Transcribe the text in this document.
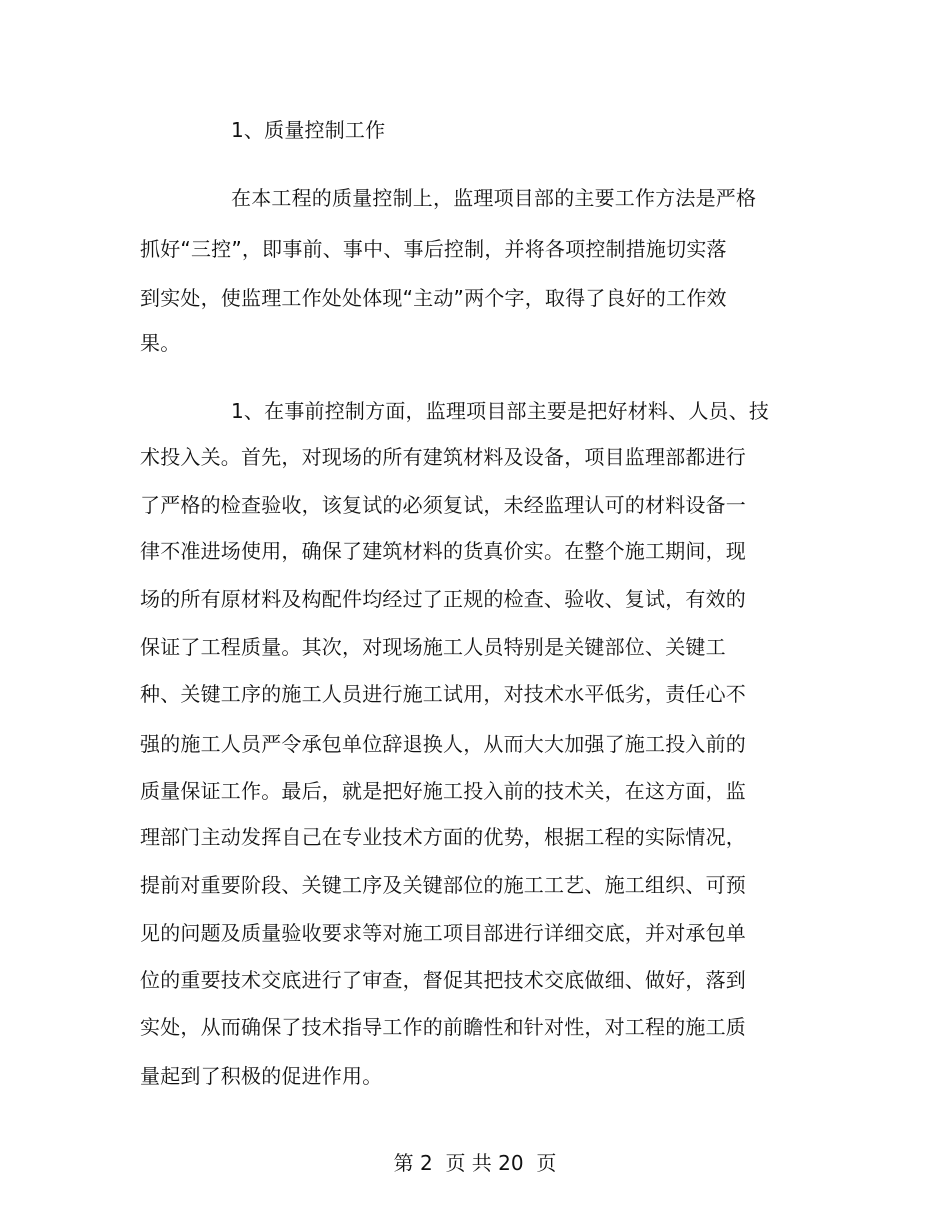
1、质量控制工作
在本工程的质量控制上，监理项目部的主要工作方法是严格
抓好“三控”，即事前、事中、事后控制，并将各项控制措施切实落
到实处，使监理工作处处体现“主动”两个字，取得了良好的工作效
果。
1、在事前控制方面，监理项目部主要是把好材料、人员、技
术投入关。首先，对现场的所有建筑材料及设备，项目监理部都进行
了严格的检查验收，该复试的必须复试，未经监理认可的材料设备一
律不准进场使用，确保了建筑材料的货真价实。在整个施工期间，现
场的所有原材料及构配件均经过了正规的检查、验收、复试，有效的
保证了工程质量。其次，对现场施工人员特别是关键部位、关键工
种、关键工序的施工人员进行施工试用，对技术水平低劣，责任心不
强的施工人员严令承包单位辞退换人，从而大大加强了施工投入前的
质量保证工作。最后，就是把好施工投入前的技术关，在这方面，监
理部门主动发挥自己在专业技术方面的优势，根据工程的实际情况，
提前对重要阶段、关键工序及关键部位的施工工艺、施工组织、可预
见的问题及质量验收要求等对施工项目部进行详细交底，并对承包单
位的重要技术交底进行了审查，督促其把技术交底做细、做好，落到
实处，从而确保了技术指导工作的前瞻性和针对性，对工程的施工质
量起到了积极的促进作用。
第 2  页 共 20  页
